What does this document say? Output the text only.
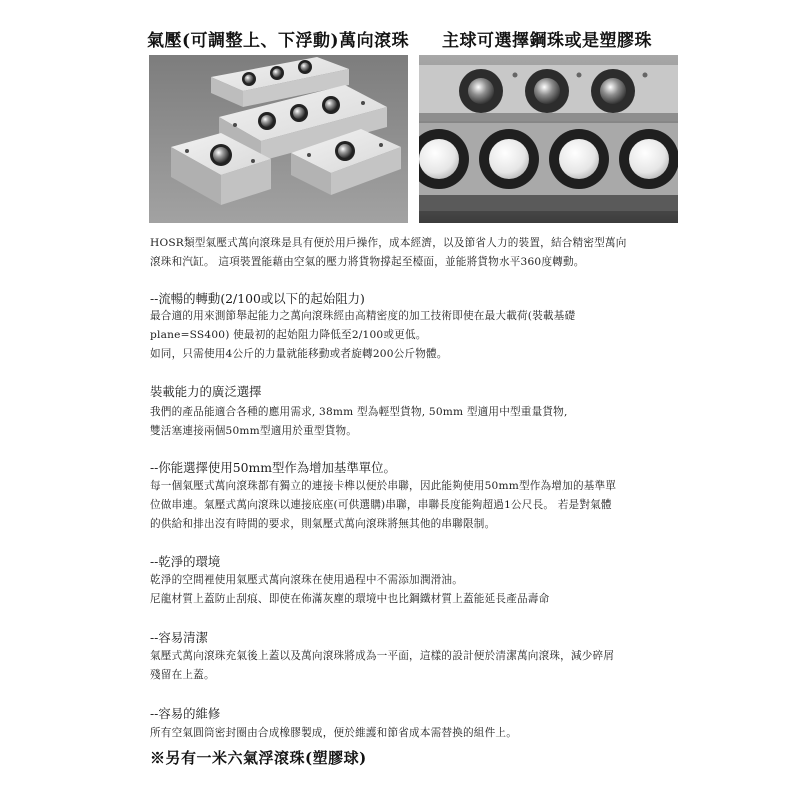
氣壓(可調整上、下浮動)萬向滾珠 主球可選擇鋼珠或是塑膠珠
HOSR類型氣壓式萬向滾珠是具有便於用戶操作，成本經濟，以及節省人力的裝置，結合精密型萬向
滾珠和汽缸。 這項裝置能藉由空氣的壓力將貨物撐起至檯面，並能將貨物水平360度轉動。
--流暢的轉動(2/100或以下的起始阻力)
最合適的用來測節舉起能力之萬向滾珠經由高精密度的加工技術即使在最大載荷(裝載基礎
plane=SS400) 使最初的起始阻力降低至2/100或更低。
如同，只需使用4公斤的力量就能移動或者旋轉200公斤物體。
裝載能力的廣泛選擇
我們的產品能適合各種的應用需求, 38mm 型為輕型貨物, 50mm 型適用中型重量貨物,
雙活塞連接兩個50mm型適用於重型貨物。
--你能選擇使用50mm型作為增加基準單位。
每一個氣壓式萬向滾珠都有獨立的連接卡榫以便於串聯，因此能夠使用50mm型作為增加的基準單
位做串連。氣壓式萬向滾珠以連接底座(可供選購)串聯，串聯長度能夠超過1公尺長。 若是對氣體
的供給和排出沒有時間的要求，則氣壓式萬向滾珠將無其他的串聯限制。
--乾淨的環境
乾淨的空間裡使用氣壓式萬向滾珠在使用過程中不需添加潤滑油。
尼龍材質上蓋防止刮痕、即使在佈滿灰塵的環境中也比鋼鐵材質上蓋能延長產品壽命
--容易清潔
氣壓式萬向滾珠充氣後上蓋以及萬向滾珠將成為一平面，這樣的設計便於清潔萬向滾珠，減少碎屑
殘留在上蓋。
--容易的維修
所有空氣圓筒密封圈由合成橡膠製成，便於維護和節省成本需替換的組件上。
※另有一米六氣浮滾珠(塑膠球)
